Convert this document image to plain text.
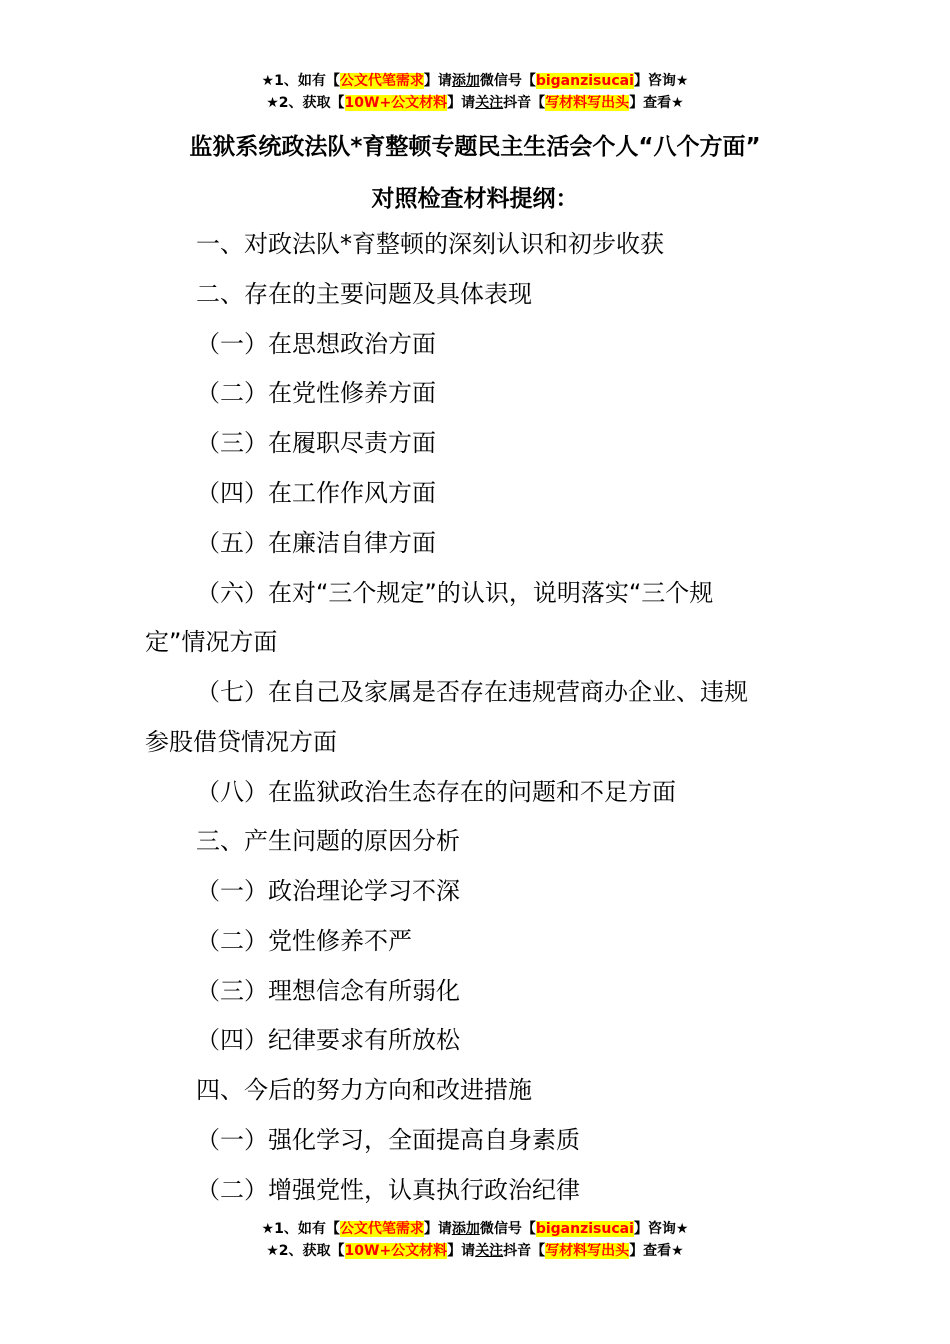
★1、如有【公文代笔需求】请添加微信号【biganzisucai】咨询★
★2、获取【10W+公文材料】请关注抖音【写材料写出头】查看★
监狱系统政法队*育整顿专题民主生活会个人“八个方面”
对照检查材料提纲：
一、对政法队*育整顿的深刻认识和初步收获
二、存在的主要问题及具体表现
（一）在思想政治方面
（二）在党性修养方面
（三）在履职尽责方面
（四）在工作作风方面
（五）在廉洁自律方面
（六）在对“三个规定”的认识，说明落实“三个规
定”情况方面
（七）在自己及家属是否存在违规营商办企业、违规
参股借贷情况方面
（八）在监狱政治生态存在的问题和不足方面
三、产生问题的原因分析
（一）政治理论学习不深
（二）党性修养不严
（三）理想信念有所弱化
（四）纪律要求有所放松
四、今后的努力方向和改进措施
（一）强化学习，全面提高自身素质
（二）增强党性，认真执行政治纪律
★1、如有【公文代笔需求】请添加微信号【biganzisucai】咨询★
★2、获取【10W+公文材料】请关注抖音【写材料写出头】查看★
